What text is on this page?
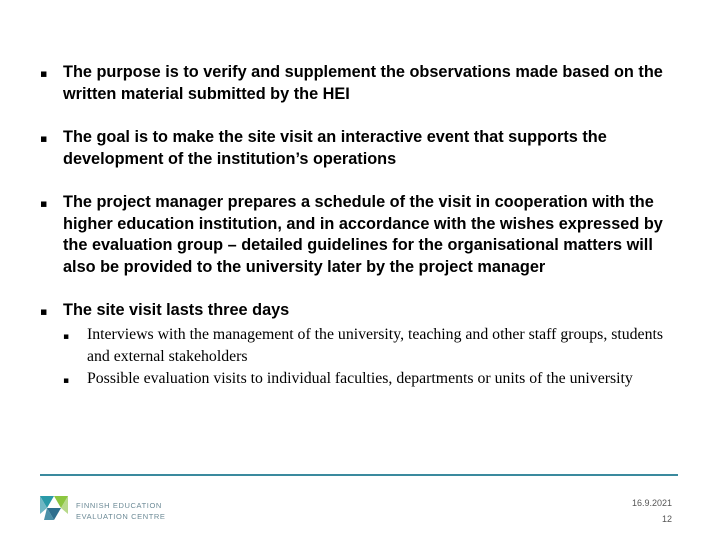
▪ The purpose is to verify and supplement the observations made based on the written material submitted by the HEI
▪ The goal is to make the site visit an interactive event that supports the development of the institution’s operations
▪ The project manager prepares a schedule of the visit in cooperation with the higher education institution, and in accordance with the wishes expressed by the evaluation group – detailed guidelines for the organisational matters will also be provided to the university later by the project manager
▪ The site visit lasts three days
▪ Interviews with the management of the university, teaching and other staff groups, students and external stakeholders
▪ Possible evaluation visits to individual faculties, departments or units of the university
FINNISH EDUCATION
EVALUATION CENTRE
16.9.2021
12
